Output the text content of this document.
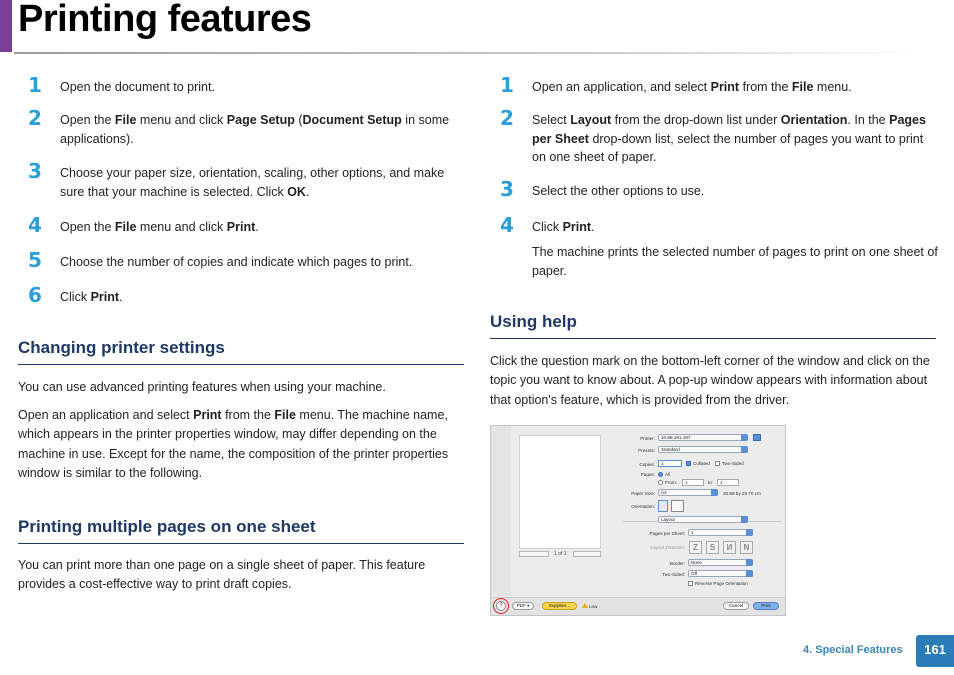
Printing features
1 Open the document to print.
2 Open the File menu and click Page Setup (Document Setup in some applications).
3 Choose your paper size, orientation, scaling, other options, and make sure that your machine is selected. Click OK.
4 Open the File menu and click Print.
5 Choose the number of copies and indicate which pages to print.
6 Click Print.
Changing printer settings
You can use advanced printing features when using your machine.
Open an application and select Print from the File menu. The machine name, which appears in the printer properties window, may differ depending on the machine in use. Except for the name, the composition of the printer properties window is similar to the following.
Printing multiple pages on one sheet
You can print more than one page on a single sheet of paper. This feature provides a cost-effective way to print draft copies.
1 Open an application, and select Print from the File menu.
2 Select Layout from the drop-down list under Orientation. In the Pages per Sheet drop-down list, select the number of pages you want to print on one sheet of paper.
3 Select the other options to use.
4 Click Print.
The machine prints the selected number of pages to print on one sheet of paper.
Using help
Click the question mark on the bottom-left corner of the window and click on the topic you want to know about. A pop-up window appears with information about that option's feature, which is provided from the driver.
1 of 1
Printer:	10.88.181.197
Presets:	Standard
Copies:	1	Collated	Two-Sided
Pages: All
From:	1	to:	1
Paper Size:	A4	20.99 by 29.70 cm
Orientation:
Layout
Pages per Sheet:	1
Layout Direction:	Z	S	И	N
Border:	None
Two-Sided:	Off
Reverse Page Orientation
?	PDF ▾	Supplies...	Low	Cancel	Print
4. Special Features	161
